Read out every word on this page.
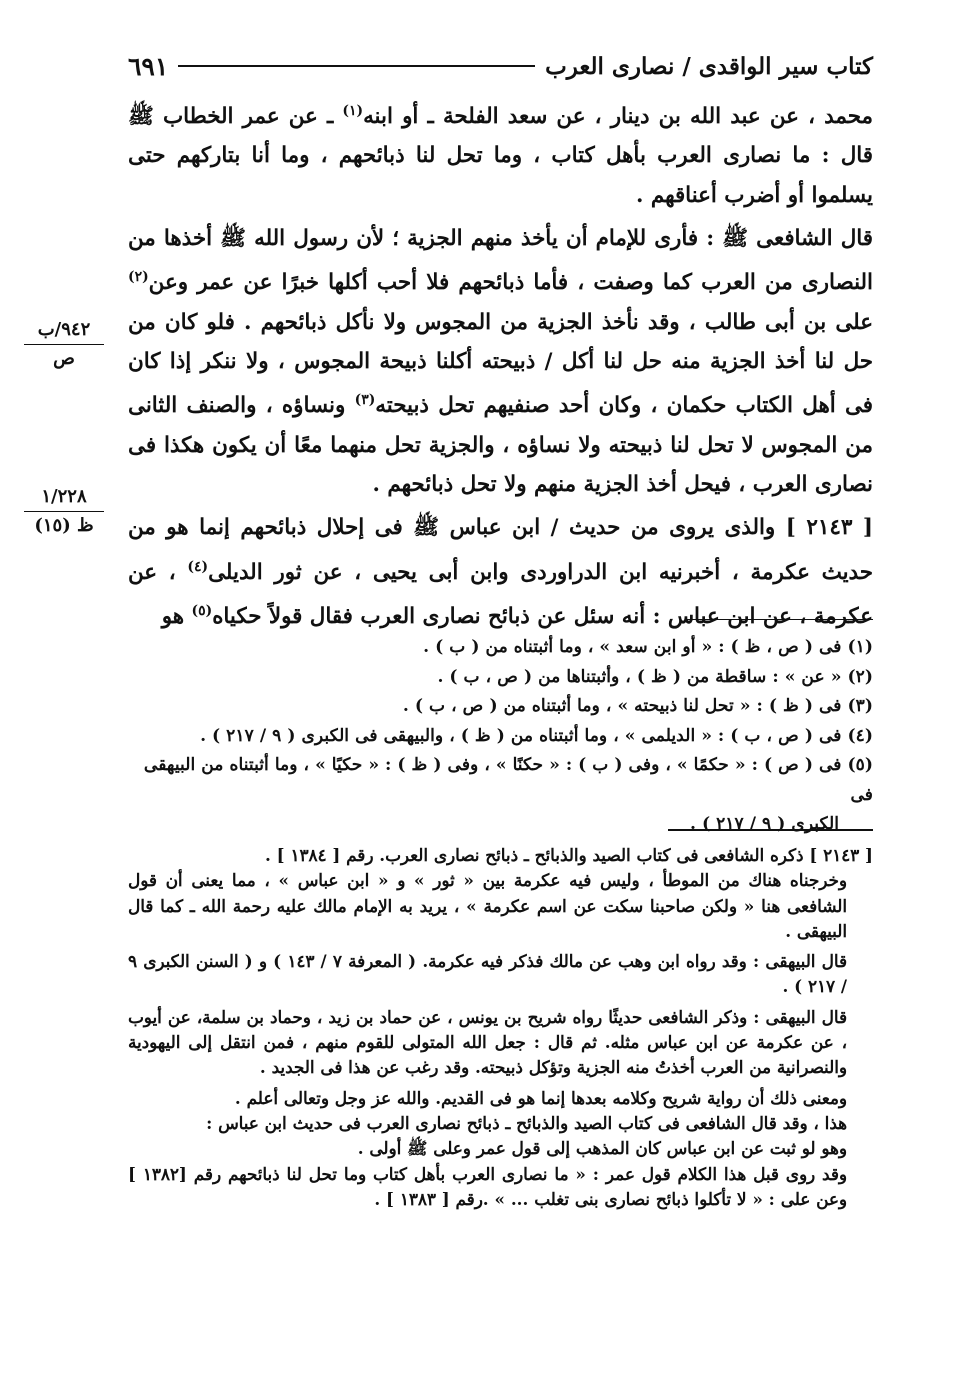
كتاب سير الواقدى / نصارى العرب
٦٩١
٩٤٢/ب
ص
١/٢٢٨
ظ (١٥)

محمد ، عن عبد الله بن دينار ، عن سعد الفلحة ـ أو ابنه$^{(١)}$ ـ عن عمر الخطاب ﷺ قال : ما نصارى العرب بأهل كتاب ، وما تحل لنا ذبائحهم ، وما أنا بتاركهم حتى يسلموا أو أضرب أعناقهم .

قال الشافعى ﷺ : فأرى للإمام أن يأخذ منهم الجزية ؛ لأن رسول الله ﷺ أخذها من النصارى من العرب كما وصفت ، فأما ذبائحهم فلا أحب أكلها خبرًا عن عمر وعن$^{(٢)}$ على بن أبى طالب ، وقد نأخذ الجزية من المجوس ولا نأكل ذبائحهم . فلو كان من حل لنا أخذ الجزية منه حل لنا أكل / ذبيحته أكلنا ذبيحة المجوس ، ولا ننكر إذا كان فى أهل الكتاب حكمان ، وكان أحد صنفيهم تحل ذبيحته$^{(٣)}$ ونساؤه ، والصنف الثانى من المجوس لا تحل لنا ذبيحته ولا نساؤه ، والجزية تحل منهما معًا أن يكون هكذا فى نصارى العرب ، فيحل أخذ الجزية منهم ولا تحل ذبائحهم .

[ ٢١٤٣ ] والذى يروى من حديث / ابن عباس ﷺ فى إحلال ذبائحهم إنما هو من حديث عكرمة ، أخبرنيه ابن الدراوردى وابن أبى يحيى ، عن ثور الديلى$^{(٤)}$ ، عن عكرمة ، عن ابن عباس : أنه سئل عن ذبائح نصارى العرب فقال قولاً حكياه$^{(٥)}$ هو

(١) فى ( ص ، ظ ) : « أو ابن سعد » ، وما أثبتناه من ( ب ) .
(٢) « عن » : ساقطة من ( ظ ) ، وأثبتناها من ( ص ، ب ) .
(٣) فى ( ظ ) : « تحل لنا ذبيحته » ، وما أثبتناه من ( ص ، ب ) .
(٤) فى ( ص ، ب ) : « الديلمى » ، وما أثبتناه من ( ظ ) ، والبيهقى فى الكبرى ( ٩ / ٢١٧ ) .
(٥) فى ( ص ) : « حكمًا » ، وفى ( ب ) : « حكنًا » ، وفى ( ظ ) : « حكيًا » ، وما أثبتناه من البيهقى فى
الكبرى ( ٩ / ٢١٧ ) .

[ ٢١٤٣ ] ذكره الشافعى فى كتاب الصيد والذبائح ـ ذبائح نصارى العرب. رقم [ ١٣٨٤ ] .

وخرجناه هناك من الموطأ ، وليس فيه عكرمة بين « ثور » و « ابن عباس » ، مما يعنى أن قول الشافعى هنا « ولكن صاحبنا سكت عن اسم عكرمة » ، يريد به الإمام مالك عليه رحمة الله ـ كما قال البيهقى .

قال البيهقى : وقد رواه ابن وهب عن مالك فذكر فيه عكرمة. ( المعرفة ٧ / ١٤٣ ) و ( السنن الكبرى ٩ / ٢١٧ ) .

قال البيهقى : وذكر الشافعى حديثًا رواه شريح بن يونس ، عن حماد بن زيد ، وحماد بن سلمة، عن أيوب ، عن عكرمة عن ابن عباس مثله. ثم قال : جعل الله المتولى للقوم منهم ، فمن انتقل إلى اليهودية والنصرانية من العرب أخذتُ منه الجزية وتؤكل ذبيحته. وقد رغب عن هذا فى الجديد .

ومعنى ذلك أن رواية شريح وكلامه بعدها إنما هو فى القديم. والله عز وجل وتعالى أعلم .

هذا ، وقد قال الشافعى فى كتاب الصيد والذبائح ـ ذبائح نصارى العرب فى حديث ابن عباس :

وهو لو ثبت عن ابن عباس كان المذهب إلى قول عمر وعلى ﷺ أولى .

وقد روى قبل هذا الكلام قول عمر : « ما نصارى العرب بأهل كتاب وما تحل لنا ذبائحهم رقم [١٣٨٢ ] وعن على : « لا تأكلوا ذبائح نصارى بنى تغلب ... » .رقم [ ١٣٨٣ ] .
